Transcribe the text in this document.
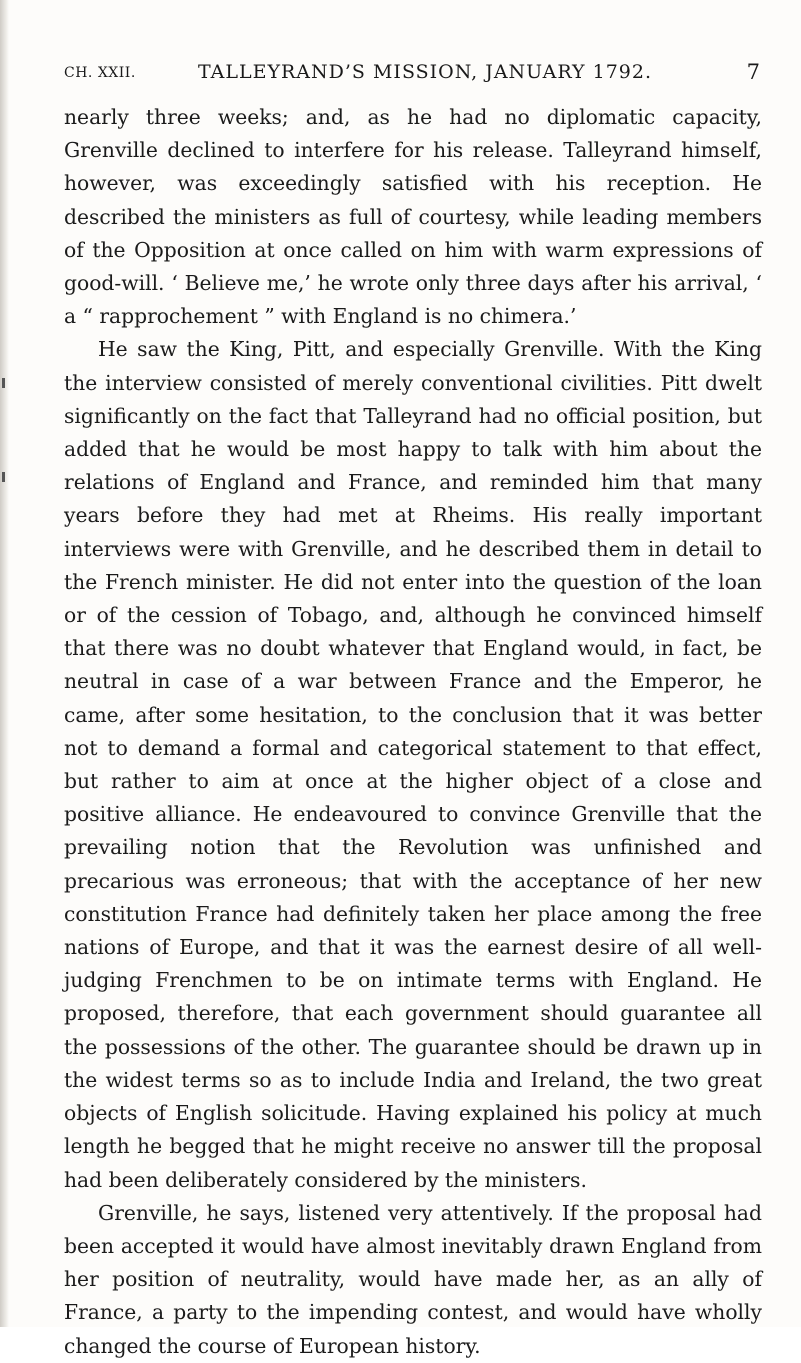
CH. XXII.	TALLEYRAND’S MISSION, JANUARY 1792.	7

nearly three weeks; and, as he had no diplomatic capacity, Grenville declined to interfere for his release. Talleyrand himself, however, was exceedingly satisfied with his reception. He described the ministers as full of courtesy, while leading members of the Opposition at once called on him with warm expressions of good-will. ‘ Believe me,’ he wrote only three days after his arrival, ‘ a “ rapprochement ” with England is no chimera.’

He saw the King, Pitt, and especially Grenville. With the King the interview consisted of merely conventional civilities. Pitt dwelt significantly on the fact that Talleyrand had no official position, but added that he would be most happy to talk with him about the relations of England and France, and reminded him that many years before they had met at Rheims. His really important interviews were with Grenville, and he described them in detail to the French minister. He did not enter into the question of the loan or of the cession of Tobago, and, although he convinced himself that there was no doubt whatever that England would, in fact, be neutral in case of a war between France and the Emperor, he came, after some hesitation, to the conclusion that it was better not to demand a formal and categorical statement to that effect, but rather to aim at once at the higher object of a close and positive alliance. He endeavoured to convince Grenville that the prevailing notion that the Revolution was unfinished and precarious was erroneous; that with the acceptance of her new constitution France had definitely taken her place among the free nations of Europe, and that it was the earnest desire of all well-judging Frenchmen to be on intimate terms with England. He proposed, therefore, that each government should guarantee all the possessions of the other. The guarantee should be drawn up in the widest terms so as to include India and Ireland, the two great objects of English solicitude. Having explained his policy at much length he begged that he might receive no answer till the proposal had been deliberately considered by the ministers.

Grenville, he says, listened very attentively. If the proposal had been accepted it would have almost inevitably drawn England from her position of neutrality, would have made her, as an ally of France, a party to the impending contest, and would have wholly changed the course of European history.
